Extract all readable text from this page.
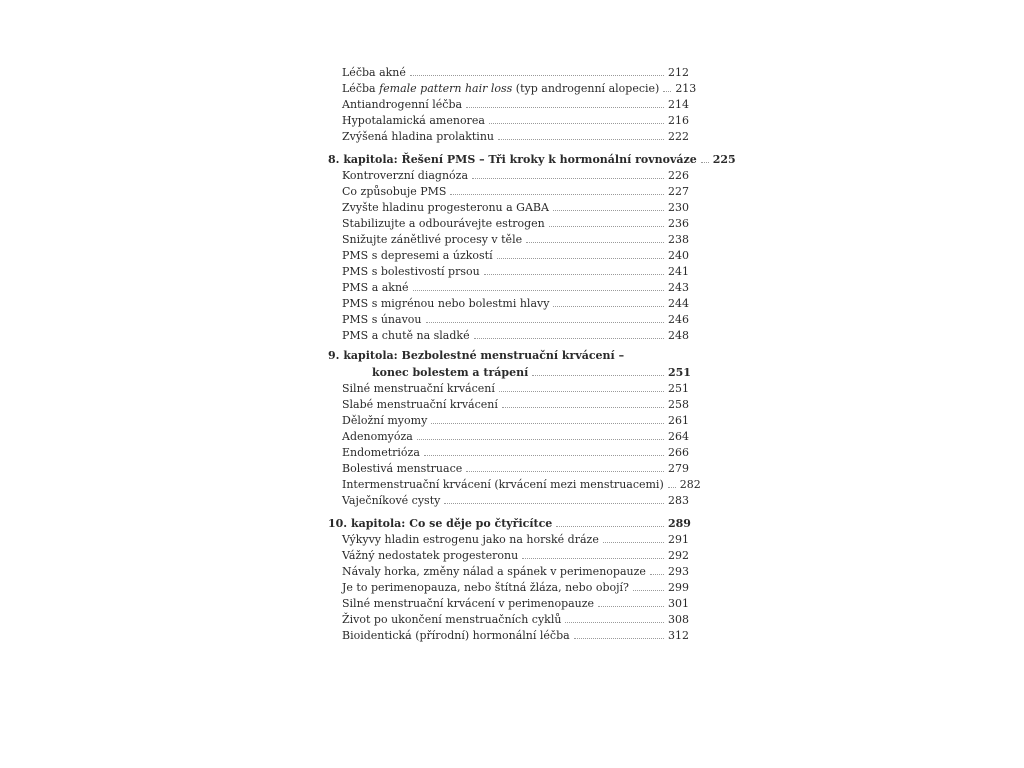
Léčba akné	212
Léčba female pattern hair loss (typ androgenní alopecie) 213
Antiandrogenní léčba	214
Hypotalamická amenorea	216
Zvýšená hladina prolaktinu	222
8. kapitola: Řešení PMS – Tři kroky k hormonální rovnováze 225
Kontroverzní diagnóza	226
Co způsobuje PMS	227
Zvyšte hladinu progesteronu a GABA	230
Stabilizujte a odbourávejte estrogen	236
Snižujte zánětlivé procesy v těle	238
PMS s depresemi a úzkostí	240
PMS s bolestivostí prsou	241
PMS a akné	243
PMS s migrénou nebo bolestmi hlavy	244
PMS s únavou	246
PMS a chutě na sladké	248
9. kapitola: Bezbolestné menstruační krvácení –
konec bolestem a trápení	251
Silné menstruační krvácení	251
Slabé menstruační krvácení	258
Děložní myomy	261
Adenomyóza	264
Endometrióza	266
Bolestivá menstruace	279
Intermenstruační krvácení (krvácení mezi menstruacemi) 282
Vaječníkové cysty	283
10. kapitola: Co se děje po čtyřicítce	289
Výkyvy hladin estrogenu jako na horské dráze	291
Vážný nedostatek progesteronu	292
Návaly horka, změny nálad a spánek v perimenopauze 293
Je to perimenopauza, nebo štítná žláza, nebo obojí?	299
Silné menstruační krvácení v perimenopauze	301
Život po ukončení menstruačních cyklů	308
Bioidentická (přírodní) hormonální léčba	312
